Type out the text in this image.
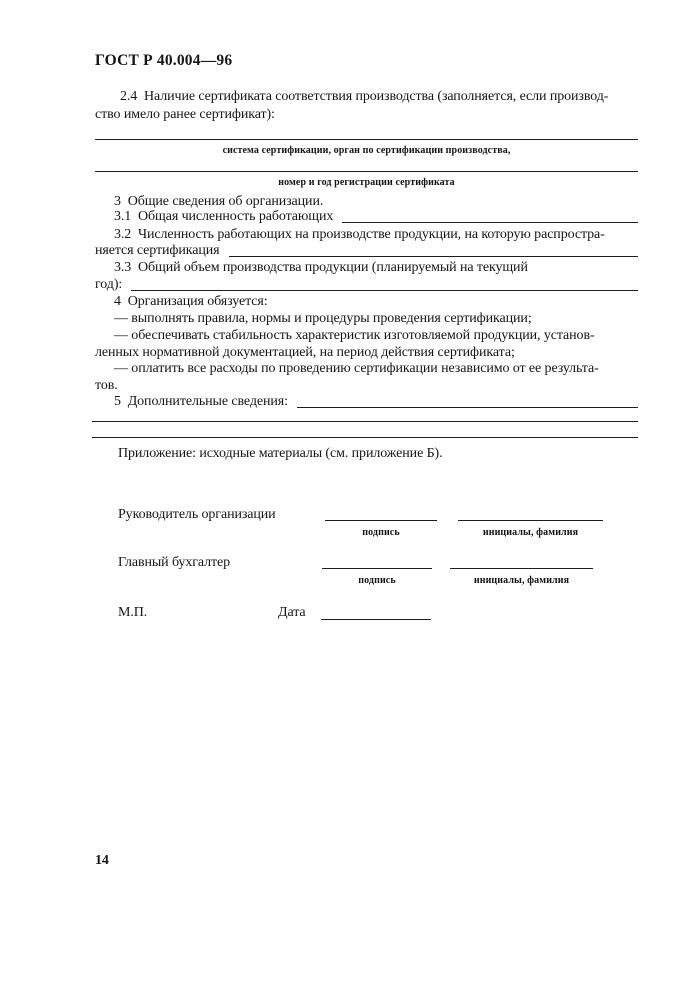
ГОСТ Р 40.004—96
2.4  Наличие сертификата соответствия производства (заполняется, если производ-
ство имело ранее сертификат):
система сертификации, орган по сертификации производства,
номер и год регистрации сертификата
3  Общие сведения об организации.
3.1  Общая численность работающих
3.2  Численность работающих на производстве продукции, на которую распростра-
няется сертификация
3.3  Общий объем производства продукции (планируемый на текущий
год):
4  Организация обязуется:
— выполнять правила, нормы и процедуры проведения сертификации;
— обеспечивать стабильность характеристик изготовляемой продукции, установ-
ленных нормативной документацией, на период действия сертификата;
— оплатить все расходы по проведению сертификации независимо от ее результа-
тов.
5  Дополнительные сведения:
Приложение: исходные материалы (см. приложение Б).
Руководитель организации
подпись	инициалы, фамилия
Главный бухгалтер
подпись	инициалы, фамилия
М.П.	Дата
14
